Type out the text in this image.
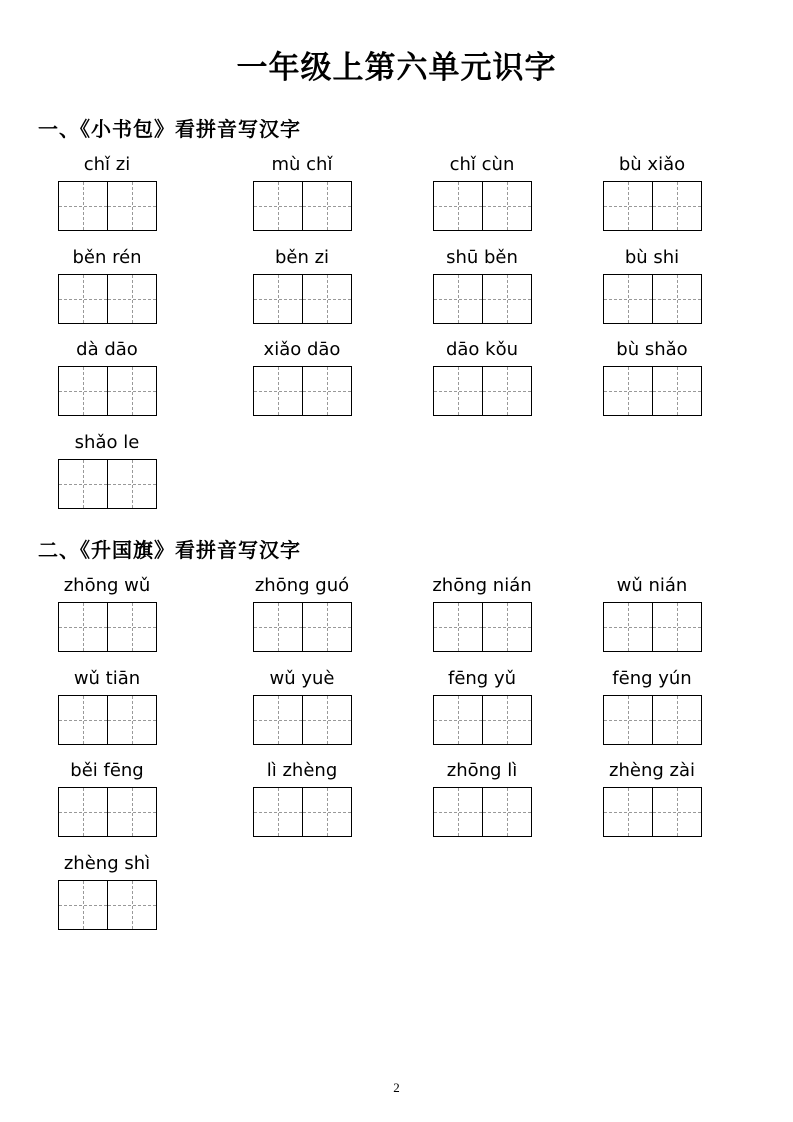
一年级上第六单元识字
一、《小书包》看拼音写汉字
二、《升国旗》看拼音写汉字
chǐ zi	mù chǐ	chǐ cùn	bù xiǎo
běn rén	běn zi	shū běn	bù shi
dà dāo	xiǎo dāo	dāo kǒu	bù shǎo
shǎo le
zhōng wǔ	zhōng guó	zhōng nián	wǔ nián
wǔ tiān	wǔ yuè	fēng yǔ	fēng yún
běi fēng	lì zhèng	zhōng lì	zhèng zài
zhèng shì
2
